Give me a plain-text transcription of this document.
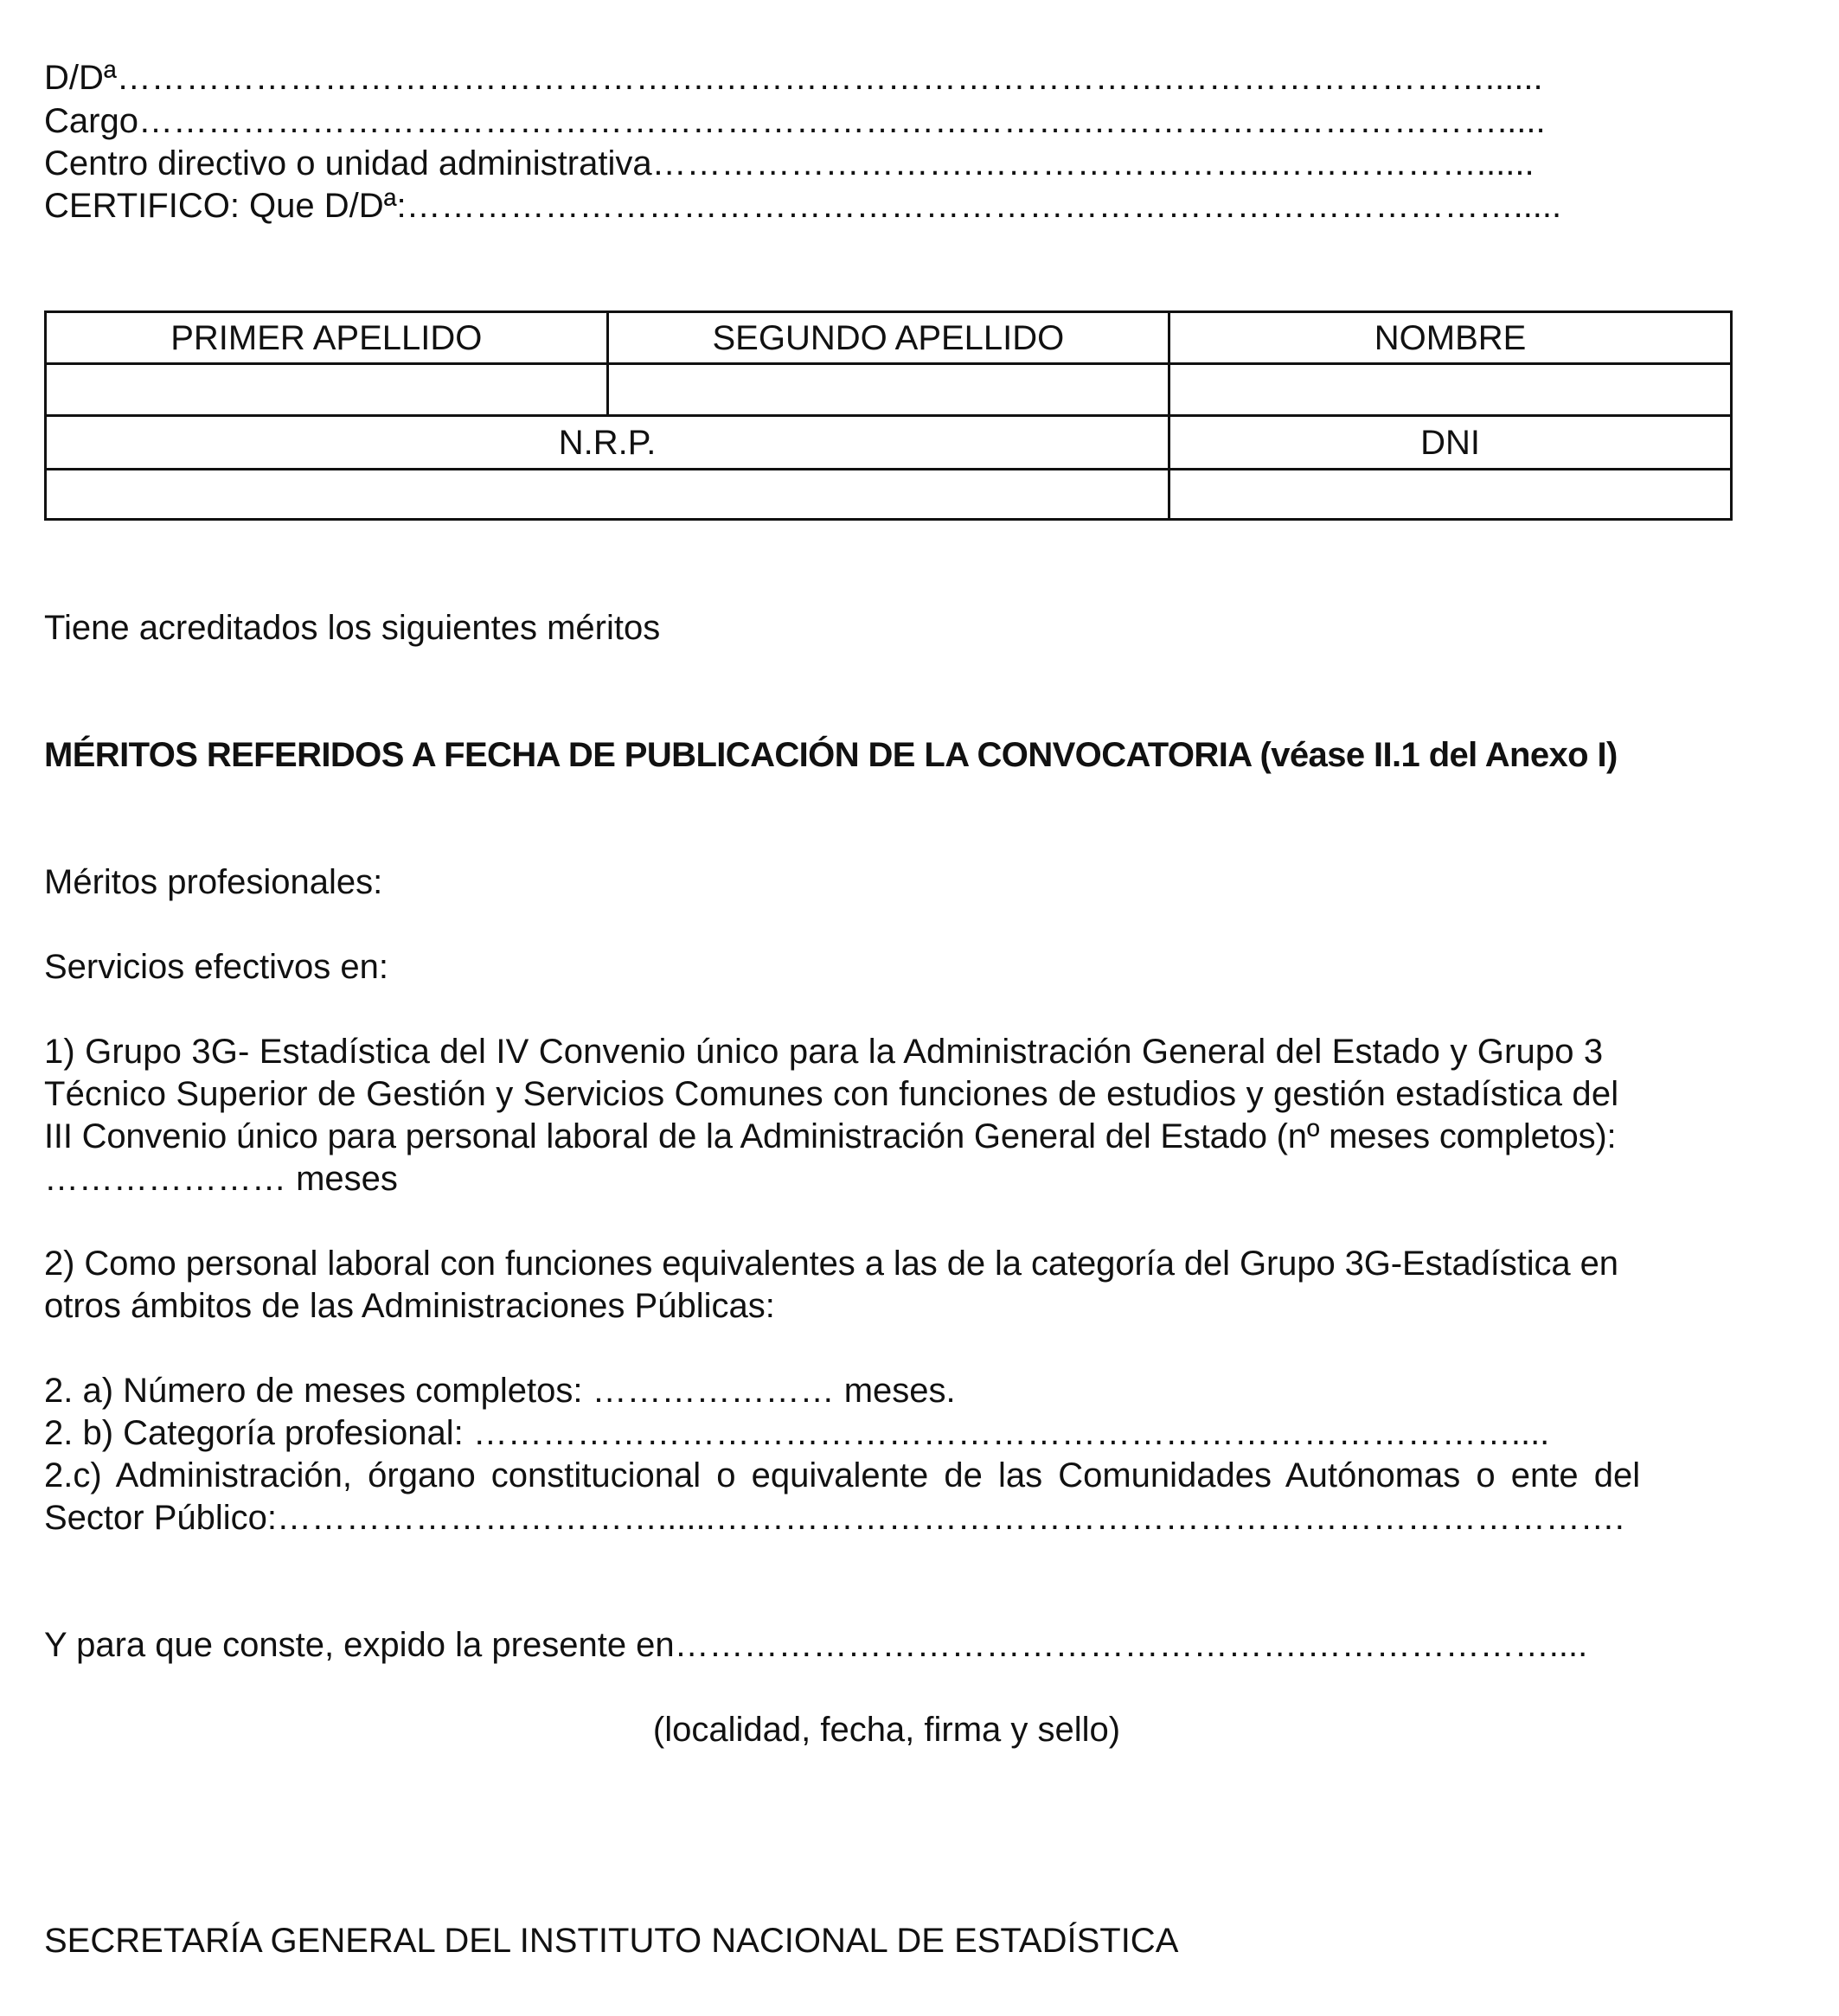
D/Dª…………………………………………….………………………………….………………………......
Cargo……………………………………………………………………….……………………………….....
Centro directivo o unidad administrativa……………………….……………………..………………......
CERTIFICO: Que D/Dª:…………………………………………………………………………………….....
PRIMER APELLIDO	SEGUNDO APELLIDO	NOMBRE

N.R.P.		DNI

Tiene acreditados los siguientes méritos
MÉRITOS REFERIDOS A FECHA DE PUBLICACIÓN DE LA CONVOCATORIA (véase II.1 del Anexo I)
Méritos profesionales:
Servicios efectivos en:
1) Grupo 3G- Estadística del IV Convenio único para la Administración General del Estado y Grupo 3
Técnico Superior de Gestión y Servicios Comunes con funciones de estudios y gestión estadística del
III Convenio único para personal laboral de la Administración General del Estado (nº meses completos):
………………… meses
2) Como personal laboral con funciones equivalentes a las de la categoría del Grupo 3G-Estadística en
otros ámbitos de las Administraciones Públicas:
2. a) Número de meses completos: ………………… meses.
2. b) Categoría profesional: ………………………………………………………………………………....
2.c) Administración, órgano constitucional o equivalente de las Comunidades Autónomas o ente del
Sector Público:……………………………......…………………………………………………………………….
Y para que conste, expido la presente en……………………………………………….…………………....
(localidad, fecha, firma y sello)
SECRETARÍA GENERAL DEL INSTITUTO NACIONAL DE ESTADÍSTICA
